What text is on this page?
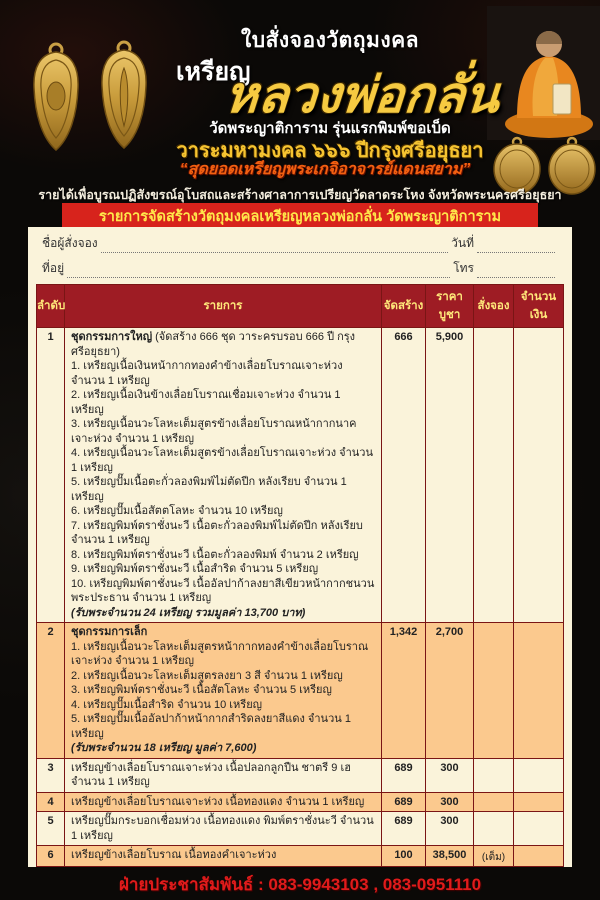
ใบสั่งจองวัตถุมงคล
เหรียญ
หลวงพ่อกลั่น
วัดพระญาติการาม รุ่นแรกพิมพ์ขอเบ็ด
วาระมหามงคล ๖๖๖ ปีกรุงศรีอยุธยา
“สุดยอดเหรียญพระเกจิอาจารย์แดนสยาม”
รายได้เพื่อบูรณปฏิสังขรณ์อุโบสถและสร้างศาลาการเปรียญวัดลาดระโหง จังหวัดพระนครศรีอยุธยา
รายการจัดสร้างวัตถุมงคลเหรียญหลวงพ่อกลั่น วัดพระญาติการาม
ชื่อผู้สั่งจอง	วันที่
ที่อยู่	โทร
ลำดับ	รายการ	จัดสร้าง	ราคาบูชา	สั่งจอง	จำนวนเงิน
1	ชุดกรรมการใหญ่ (จัดสร้าง 666 ชุด วาระครบรอบ 666 ปี กรุงศรีอยุธยา)
1. เหรียญเนื้อเงินหน้ากากทองคำข้างเลื่อยโบราณเจาะห่วง จำนวน 1 เหรียญ
2. เหรียญเนื้อเงินข้างเลื่อยโบราณเชื่อมเจาะห่วง จำนวน 1 เหรียญ
3. เหรียญเนื้อนวะโลหะเต็มสูตรข้างเลื่อยโบราณหน้ากากนาคเจาะห่วง จำนวน 1 เหรียญ
4. เหรียญเนื้อนวะโลหะเต็มสูตรข้างเลื่อยโบราณเจาะห่วง จำนวน 1 เหรียญ
5. เหรียญปั๊มเนื้อตะกั่วลองพิมพ์ไม่ตัดปีก หลังเรียบ จำนวน 1 เหรียญ
6. เหรียญปั๊มเนื้อสัตตโลหะ จำนวน 10 เหรียญ
7. เหรียญพิมพ์ตราชั่งนะวี เนื้อตะกั่วลองพิมพ์ไม่ตัดปีก หลังเรียบ จำนวน 1 เหรียญ
8. เหรียญพิมพ์ตราชั่งนะวี เนื้อตะกั่วลองพิมพ์ จำนวน 2 เหรียญ
9. เหรียญพิมพ์ตราชั่งนะวี เนื้อสำริด จำนวน 5 เหรียญ
10. เหรียญพิมพ์ตาชั่งนะวี เนื้ออัลปาก้าลงยาสีเขียวหน้ากากชนวนพระประธาน จำนวน 1 เหรียญ
(รับพระจำนวน 24 เหรียญ รวมมูลค่า 13,700 บาท)
	666	5,900		
2	ชุดกรรมการเล็ก
1. เหรียญเนื้อนวะโลหะเต็มสูตรหน้ากากทองคำข้างเลื่อยโบราณเจาะห่วง จำนวน 1 เหรียญ
2. เหรียญเนื้อนวะโลหะเต็มสูตรลงยา 3 สี จำนวน 1 เหรียญ
3. เหรียญพิมพ์ตราชั่งนะวี เนื้อสัตโลหะ จำนวน 5 เหรียญ
4. เหรียญปั๊มเนื้อสำริด จำนวน 10 เหรียญ
5. เหรียญปั๊มเนื้ออัลปาก้าหน้ากากสำริดลงยาสีแดง จำนวน 1 เหรียญ
(รับพระจำนวน 18 เหรียญ มูลค่า 7,600)
	1,342	2,700		
3	เหรียญข้างเลื่อยโบราณเจาะห่วง เนื้อปลอกลูกปืน ชาตรี 9 เฮ จำนวน 1 เหรียญ	689	300		
4	เหรียญข้างเลื่อยโบราณเจาะห่วง เนื้อทองแดง จำนวน 1 เหรียญ	689	300		
5	เหรียญปั๊มกระบอกเชื่อมห่วง เนื้อทองแดง พิมพ์ตราชั่งนะวี จำนวน 1 เหรียญ	689	300		
6	เหรียญข้างเลื่อยโบราณ เนื้อทองคำเจาะห่วง	100	38,500	(เต็ม)	

ฝ่ายประชาสัมพันธ์ : 083-9943103 , 083-0951110
